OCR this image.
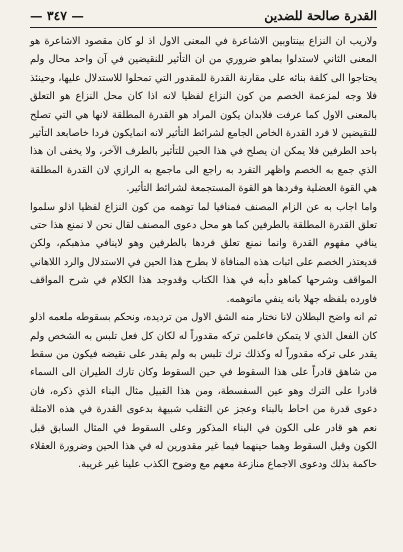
القدرة صالحة للضدين
— ٣٤٧ —

ولاريب ان النزاع بينتاوبين الاشاعرة في المعنى الاول اذ لو كان مقصود الاشاعرة هو المعنى الثاني لاستدلوا بماهو ضروري من ان التأثير للنقيضين في آن واحد محال ولم يحتاجوا الى كلفة بنائه على مقارنة القدرة للمقدور التي تمحلوا للاستدلال عليها، وحينئذ فلا وجه لمزعمة الخصم من كون النزاع لفظيا لانه اذا كان محل النزاع هو التعلق بالمعنى الاول كما عرفت فلابدان يكون المراد هو القدرة المطلقة لانها هي التي تصلح للنقيضين لا فرد القدرة الخاص الجامع لشرائط التأثير لانه انمايكون فردا خاصابعد التأثير باحد الطرفين فلا يمكن ان يصلح في هذا الحين للتأثير بالطرف الآخر، ولا يخفى ان هذا الذي جمع به الخصم واظهر التفرد به راجع الى ماجمع به الرازي لان القدرة المطلقة هي القوة العضلية وفردها هو القوة المستجمعة لشرائط التأثير.

واما اجاب به عن الزام المصنف فمنافيا لما توهمه من كون النزاع لفظيا اذلو سلموا تعلق القدرة المطلقة بالطرفين كما هو محل دعوى المصنف لقال نحن لا نمنع هذا حتى ينافي مفهوم القدرة وانما نمنع تعلق فردها بالطرفين وهو لاينافي مذهبكم، ولكن قديعتذر الخصم على اثبات هذه المنافاة لا بطرح هذا الحين في الاستدلال والرد اللاهاني المواقف وشرحها كماهو دأبه في هذا الكتاب وقدوجد هذا الكلام في شرح المواقف فاورده بلفظه جهلا بانه ينفي ماتوهمه.

ثم انه واضح البطلان لانا نختار منه الشق الاول من ترديده، ونحكم بسقوطه ملعمه اذلو كان الفعل الذي لا يتمكن فاعلمن تركه مقدوراً له لكان كل فعل تلبس به الشخص ولم يقدر على تركه مقدوراً له وكذلك ترك تلبس به ولم يقدر على نقيضه فيكون من سقط من شاهق قادراً على هذا السقوط في حين السقوط وكان تارك الطيران الى السماء قادرا على الترك وهو عين السفسطة، ومن هذا القبيل مثال البناء الذي ذكره، فان دعوى قدرة من احاط بالبناء وعجز عن التقلب شبيهة بدعوى القدرة في هذه الامثلة نعم هو قادر على الكون في البناء المذكور وعلى السقوط في المثال السابق قبل الكون وقبل السقوط وهما حينهما فيما غير مقدورين له في هذا الحين وضرورة العقلاء حاكمة بذلك ودعوى الاجماع منازعة معهم مع وضوح الكذب علينا غير غريبة.
